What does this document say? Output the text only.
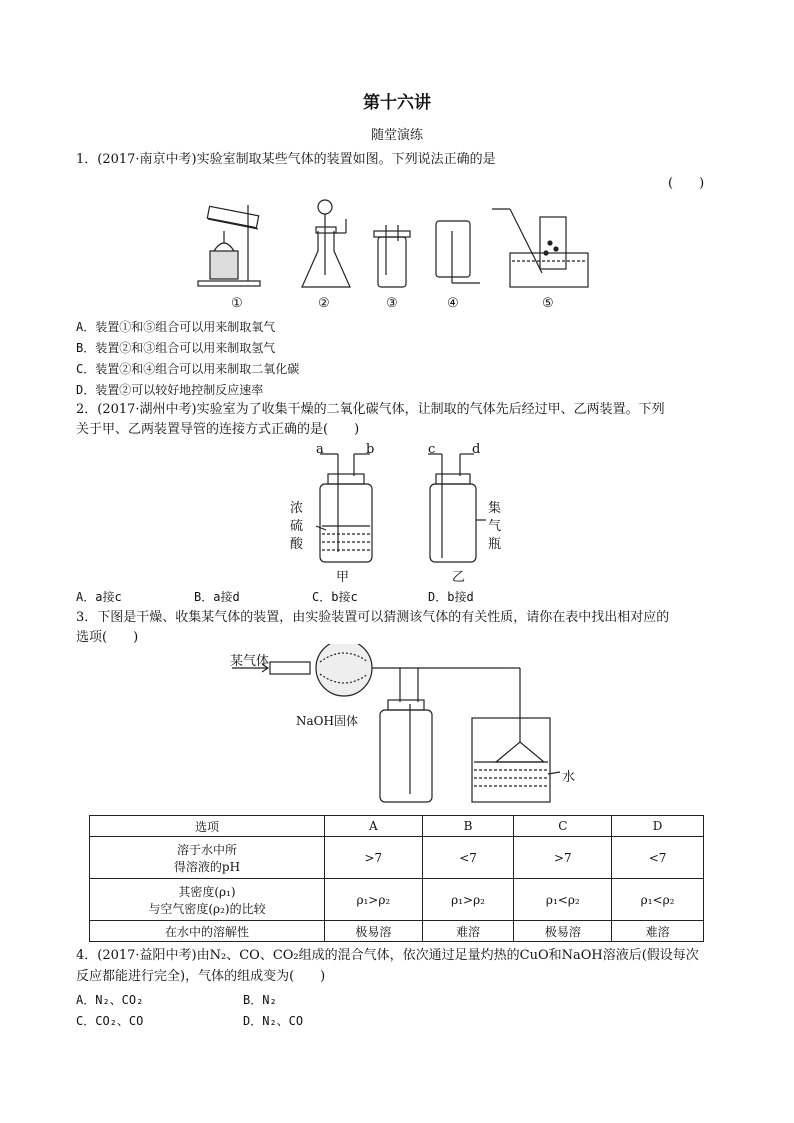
第十六讲
随堂演练
1．(2017·南京中考)实验室制取某些气体的装置如图。下列说法正确的是
(　　)
①	②	③	④	⑤
A．装置①和⑤组合可以用来制取氧气
B．装置②和③组合可以用来制取氢气
C．装置②和④组合可以用来制取二氧化碳
D．装置②可以较好地控制反应速率
2．(2017·湖州中考)实验室为了收集干燥的二氧化碳气体，让制取的气体先后经过甲、乙两装置。下列
关于甲、乙两装置导管的连接方式正确的是(　　)
a	b	c	d
浓
硫
酸
集
气
瓶
甲	乙
A．a接c	B．a接d	C．b接c	D．b接d
3．下图是干燥、收集某气体的装置，由实验装置可以猜测该气体的有关性质，请你在表中找出相对应的
选项(　　)
某气体
NaOH固体
水
选项	A	B	C	D

溶于水中所
得溶液的pH	>7	<7	>7	<7

其密度(ρ₁)
与空气密度(ρ₂)的比较	ρ₁>ρ₂	ρ₁>ρ₂	ρ₁<ρ₂	ρ₁<ρ₂
在水中的溶解性	极易溶	难溶	极易溶	难溶
4．(2017·益阳中考)由N₂、CO、CO₂组成的混合气体，依次通过足量灼热的CuO和NaOH溶液后(假设每次
反应都能进行完全)，气体的组成变为(　　)
A．N₂、CO₂	B．N₂
C．CO₂、CO	D．N₂、CO
